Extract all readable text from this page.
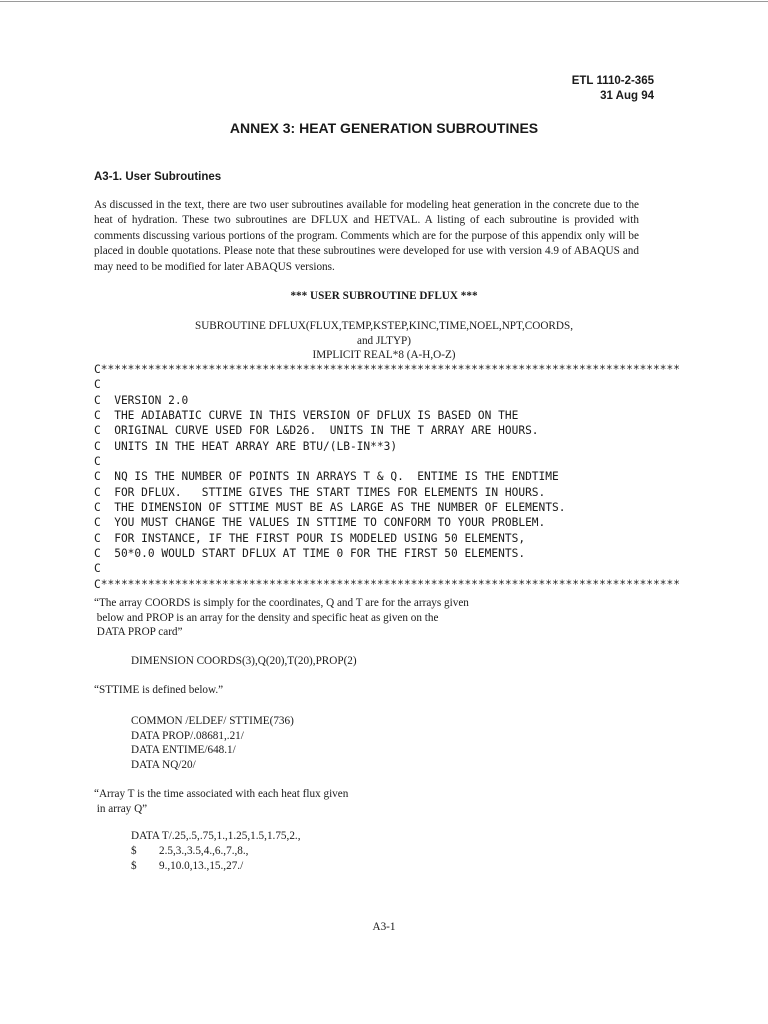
ETL 1110-2-365
31 Aug 94
ANNEX 3: HEAT GENERATION SUBROUTINES
A3-1. User Subroutines
As discussed in the text, there are two user subroutines available for modeling heat generation in the concrete due to the heat of hydration. These two subroutines are DFLUX and HETVAL. A listing of each subroutine is provided with comments discussing various portions of the program. Comments which are for the purpose of this appendix only will be placed in double quotations. Please note that these subroutines were developed for use with version 4.9 of ABAQUS and may need to be modified for later ABAQUS versions.
*** USER SUBROUTINE DFLUX ***
SUBROUTINE DFLUX(FLUX,TEMP,KSTEP,KINC,TIME,NOEL,NPT,COORDS,
and JLTYP)
IMPLICIT REAL*8 (A-H,O-Z)
C**************************************************************************************
C
C  VERSION 2.0
C  THE ADIABATIC CURVE IN THIS VERSION OF DFLUX IS BASED ON THE
C  ORIGINAL CURVE USED FOR L&D26.  UNITS IN THE T ARRAY ARE HOURS.
C  UNITS IN THE HEAT ARRAY ARE BTU/(LB-IN**3)
C
C  NQ IS THE NUMBER OF POINTS IN ARRAYS T & Q.  ENTIME IS THE ENDTIME
C  FOR DFLUX.   STTIME GIVES THE START TIMES FOR ELEMENTS IN HOURS.
C  THE DIMENSION OF STTIME MUST BE AS LARGE AS THE NUMBER OF ELEMENTS.
C  YOU MUST CHANGE THE VALUES IN STTIME TO CONFORM TO YOUR PROBLEM.
C  FOR INSTANCE, IF THE FIRST POUR IS MODELED USING 50 ELEMENTS,
C  50*0.0 WOULD START DFLUX AT TIME 0 FOR THE FIRST 50 ELEMENTS.
C
C**************************************************************************************
“The array COORDS is simply for the coordinates, Q and T are for the arrays given
below and PROP is an array for the density and specific heat as given on the
DATA PROP card”
DIMENSION COORDS(3),Q(20),T(20),PROP(2)
“STTIME is defined below.”
COMMON /ELDEF/ STTIME(736)
DATA PROP/.08681,.21/
DATA ENTIME/648.1/
DATA NQ/20/
“Array T is the time associated with each heat flux given
in array Q”
DATA T/.25,.5,.75,1.,1.25,1.5,1.75,2.,
$        2.5,3.,3.5,4.,6.,7.,8.,
$        9.,10.0,13.,15.,27./
A3-1
